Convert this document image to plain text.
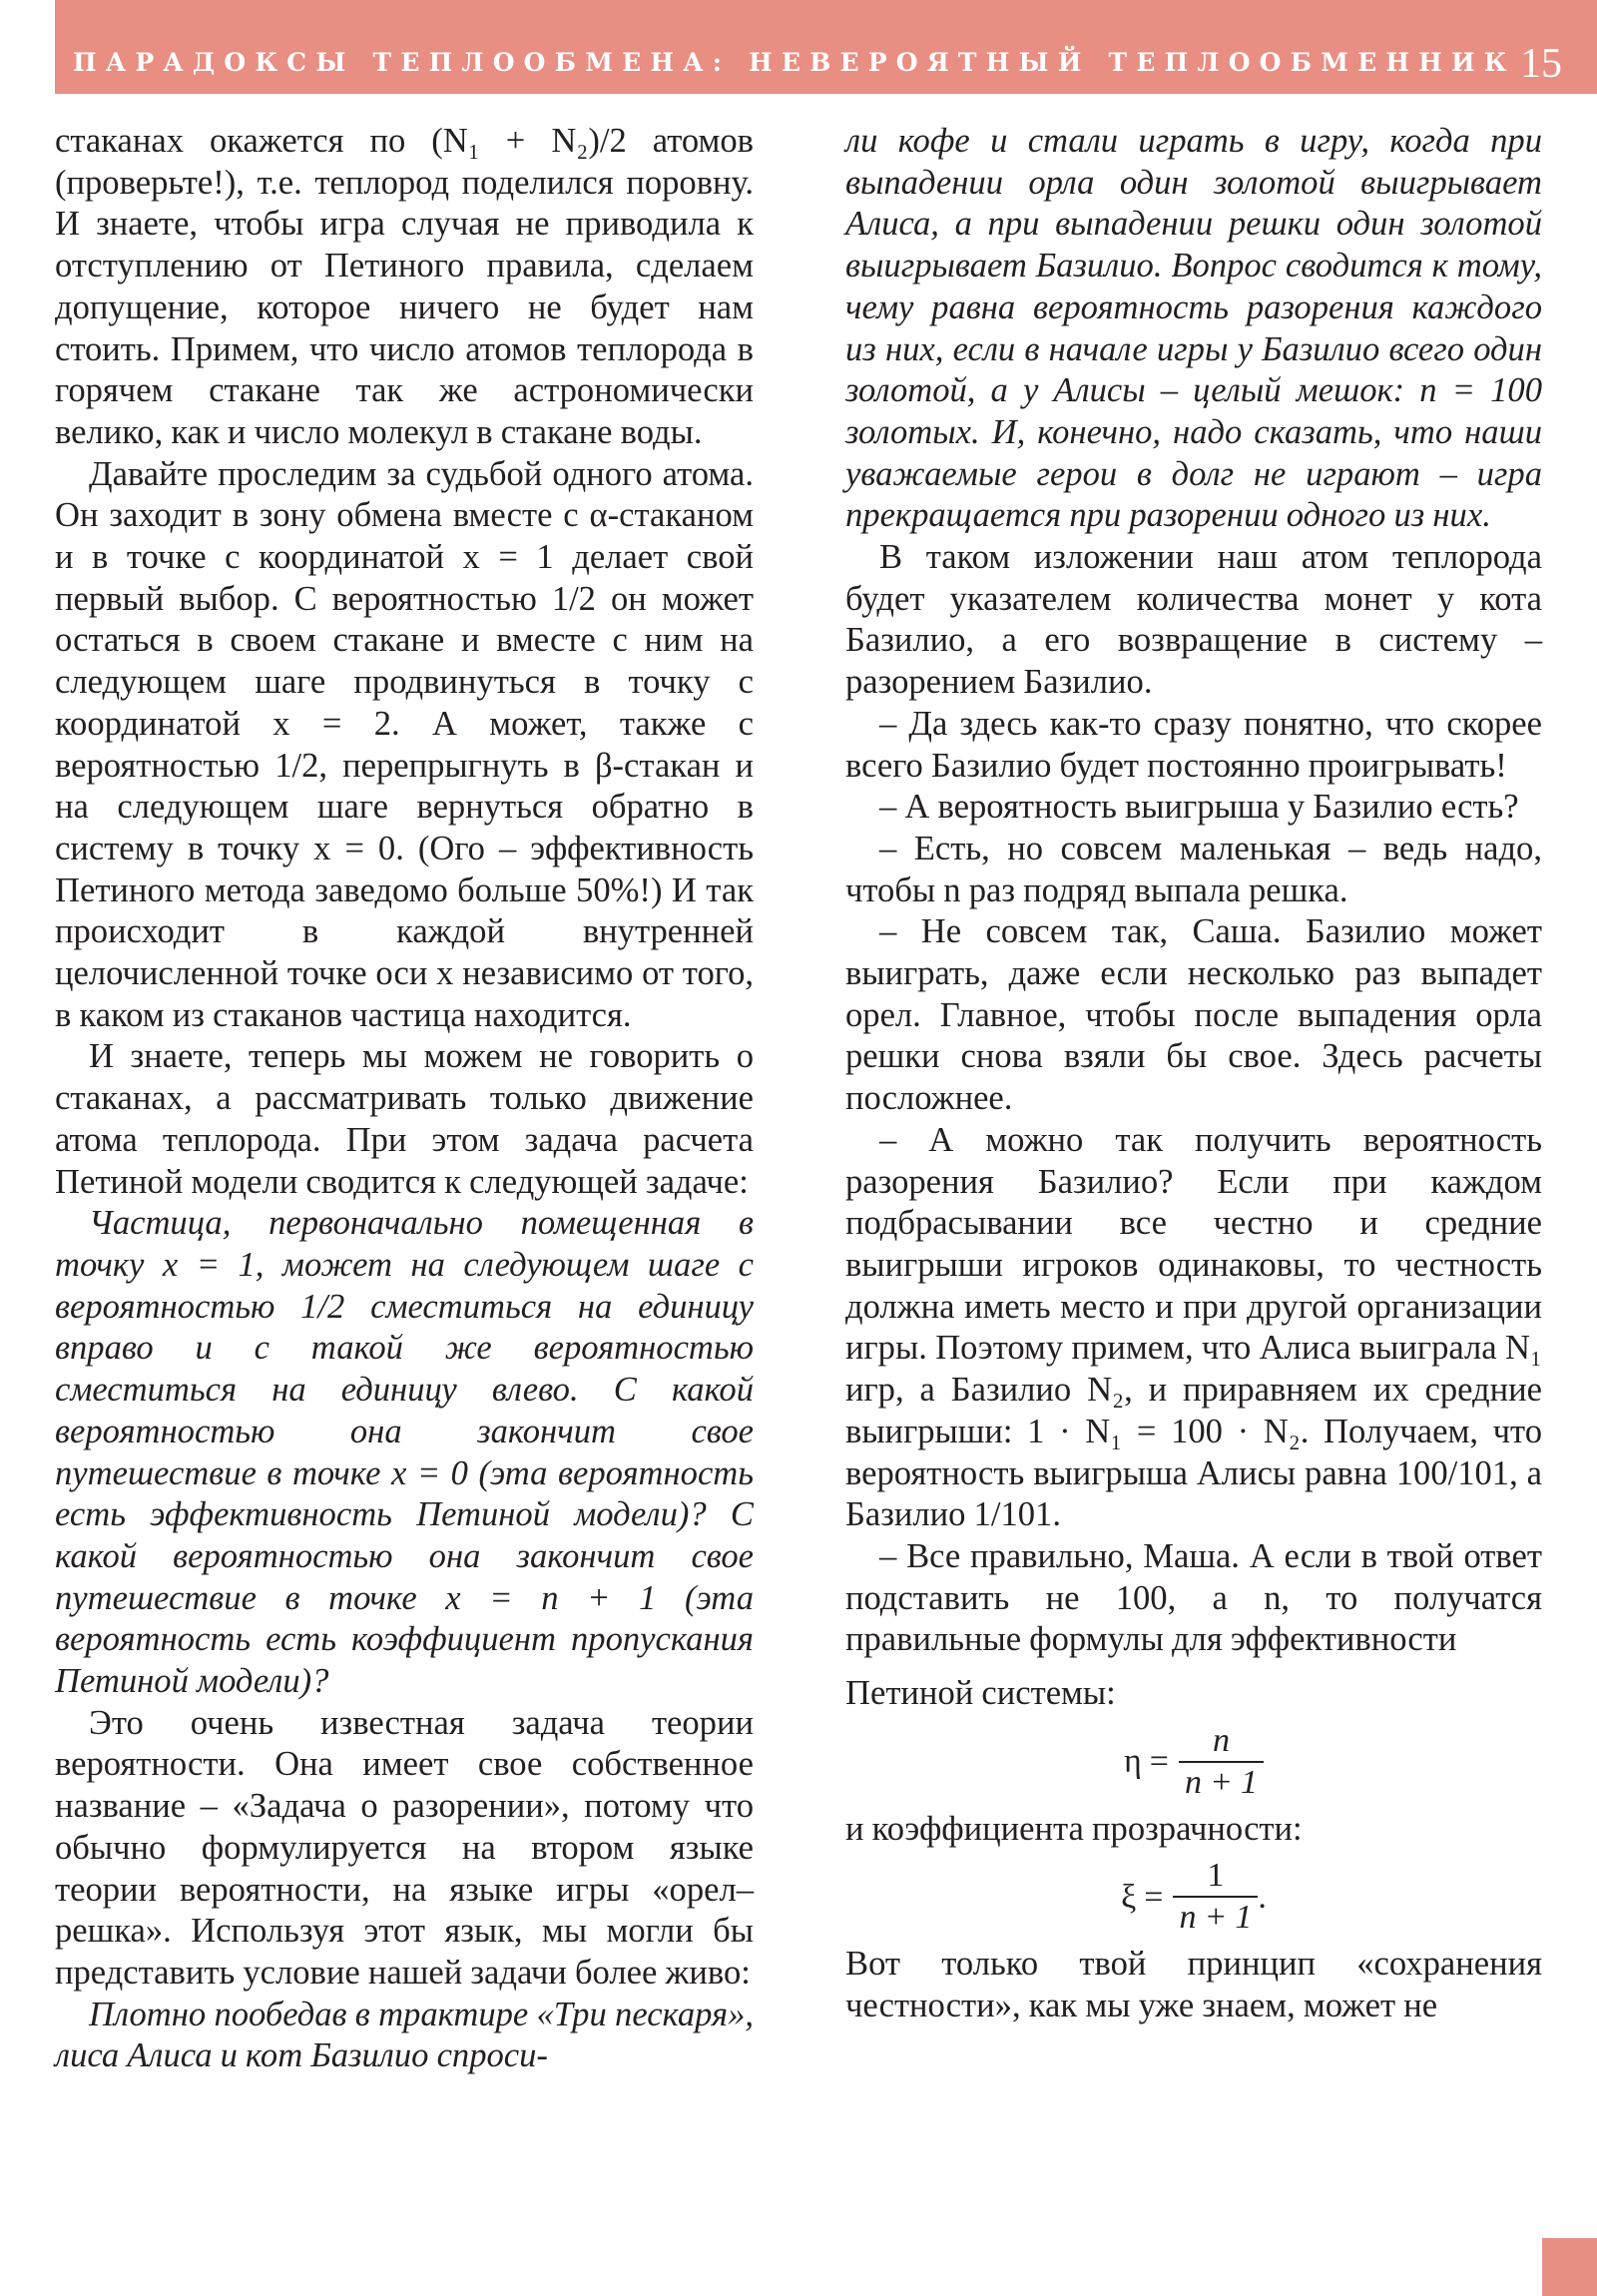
ПАРАДОКСЫ ТЕПЛООБМЕНА: НЕВЕРОЯТНЫЙ ТЕПЛООБМЕННИК 15

стаканах окажется по (N₁ + N₂)/2 атомов (проверьте!), т.е. теплород поделился поровну. И знаете, чтобы игра случая не приводила к отступлению от Петиного правила, сделаем допущение, которое ничего не будет нам стоить. Примем, что число атомов теплорода в горячем стакане так же астрономически велико, как и число молекул в стакане воды.

Давайте проследим за судьбой одного атома. Он заходит в зону обмена вместе с α-стаканом и в точке с координатой x = 1 делает свой первый выбор. С вероятностью 1/2 он может остаться в своем стакане и вместе с ним на следующем шаге продвинуться в точку с координатой x = 2. А может, также с вероятностью 1/2, перепрыгнуть в β-стакан и на следующем шаге вернуться обратно в систему в точку x = 0. (Ого – эффективность Петиного метода заведомо больше 50%!) И так происходит в каждой внутренней целочисленной точке оси x независимо от того, в каком из стаканов частица находится.

И знаете, теперь мы можем не говорить о стаканах, а рассматривать только движение атома теплорода. При этом задача расчета Петиной модели сводится к следующей задаче:

Частица, первоначально помещенная в точку x = 1, может на следующем шаге с вероятностью 1/2 сместиться на единицу вправо и с такой же вероятностью сместиться на единицу влево. С какой вероятностью она закончит свое путешествие в точке x = 0 (эта вероятность есть эффективность Петиной модели)? С какой вероятностью она закончит свое путешествие в точке x = n + 1 (эта вероятность есть коэффициент пропускания Петиной модели)?

Это очень известная задача теории вероятности. Она имеет свое собственное название – «Задача о разорении», потому что обычно формулируется на втором языке теории вероятности, на языке игры «орел–решка». Используя этот язык, мы могли бы представить условие нашей задачи более живо:

Плотно пообедав в трактире «Три пескаря», лиса Алиса и кот Базилио спроси-

ли кофе и стали играть в игру, когда при выпадении орла один золотой выигрывает Алиса, а при выпадении решки один золотой выигрывает Базилио. Вопрос сводится к тому, чему равна вероятность разорения каждого из них, если в начале игры у Базилио всего один золотой, а у Алисы – целый мешок: n = 100 золотых. И, конечно, надо сказать, что наши уважаемые герои в долг не играют – игра прекращается при разорении одного из них.

В таком изложении наш атом теплорода будет указателем количества монет у кота Базилио, а его возвращение в систему – разорением Базилио.

– Да здесь как-то сразу понятно, что скорее всего Базилио будет постоянно проигрывать!

– А вероятность выигрыша у Базилио есть?

– Есть, но совсем маленькая – ведь надо, чтобы n раз подряд выпала решка.

– Не совсем так, Саша. Базилио может выиграть, даже если несколько раз выпадет орел. Главное, чтобы после выпадения орла решки снова взяли бы свое. Здесь расчеты посложнее.

– А можно так получить вероятность разорения Базилио? Если при каждом подбрасывании все честно и средние выигрыши игроков одинаковы, то честность должна иметь место и при другой организации игры. Поэтому примем, что Алиса выиграла N₁ игр, а Базилио N₂, и приравняем их средние выигрыши: 1 · N₁ = 100 · N₂. Получаем, что вероятность выигрыша Алисы равна 100/101, а Базилио 1/101.

– Все правильно, Маша. А если в твой ответ подставить не 100, а n, то получатся правильные формулы для эффективности

Петиной системы:

$\eta = \frac{n}{n + 1}$

и коэффициента прозрачности:

$\xi = \frac{1}{n + 1}$ .

Вот только твой принцип «сохранения честности», как мы уже знаем, может не
